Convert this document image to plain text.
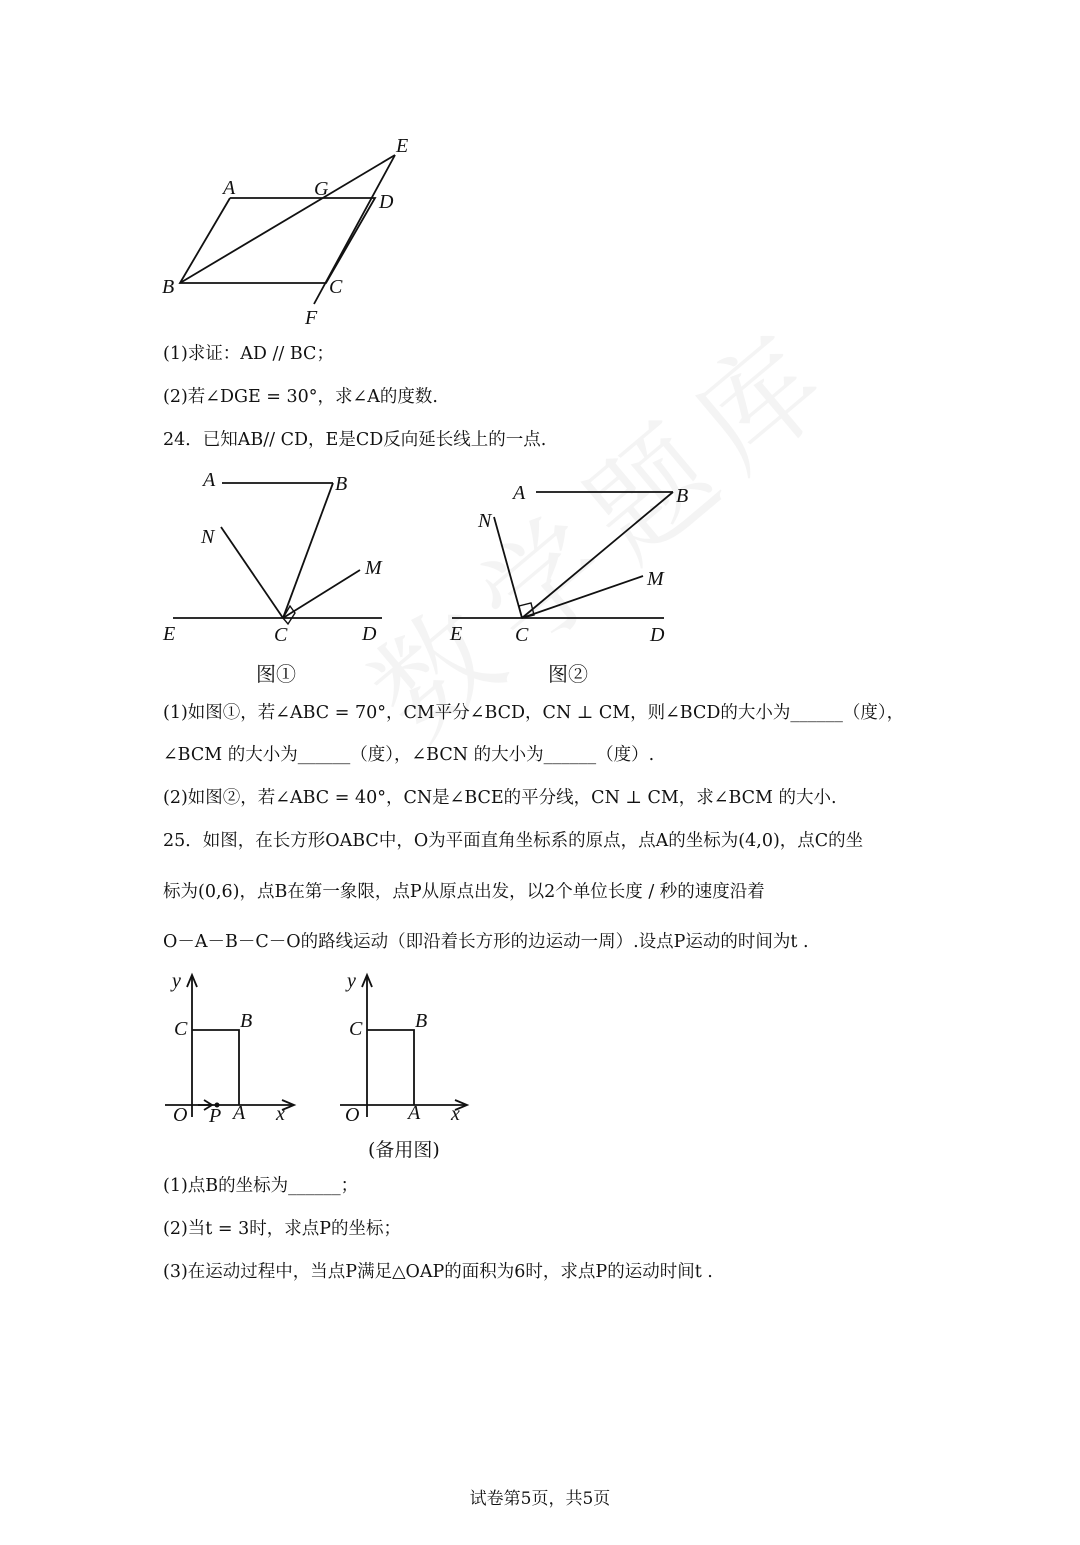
E
A	G
D
B	C
F
(1)求证：AD // BC；
(2)若∠DGE = 30°，求∠A的度数.
24．已知AB// CD，E是CD反向延长线上的一点.
A	B
N
M
E	C	D
A	B
N
M
E	C	D
图①	图②
(1)如图①，若∠ABC = 70°，CM平分∠BCD，CN ⊥ CM，则∠BCD的大小为______（度），
∠BCM 的大小为______（度），∠BCN 的大小为______（度）.
(2)如图②，若∠ABC = 40°，CN是∠BCE的平分线，CN ⊥ CM，求∠BCM 的大小.
25．如图，在长方形OABC中，O为平面直角坐标系的原点，点A的坐标为(4,0)，点C的坐
标为(0,6)，点B在第一象限，点P从原点出发，以2个单位长度 / 秒的速度沿着
O－A－B－C－O的路线运动（即沿着长方形的边运动一周）.设点P运动的时间为t .
y
C	B
O P A x
y
C	B
O A x
(备用图)
(1)点B的坐标为______；
(2)当t = 3时，求点P的坐标；
(3)在运动过程中，当点P满足△OAP的面积为6时，求点P的运动时间t .
试卷第5页，共5页
